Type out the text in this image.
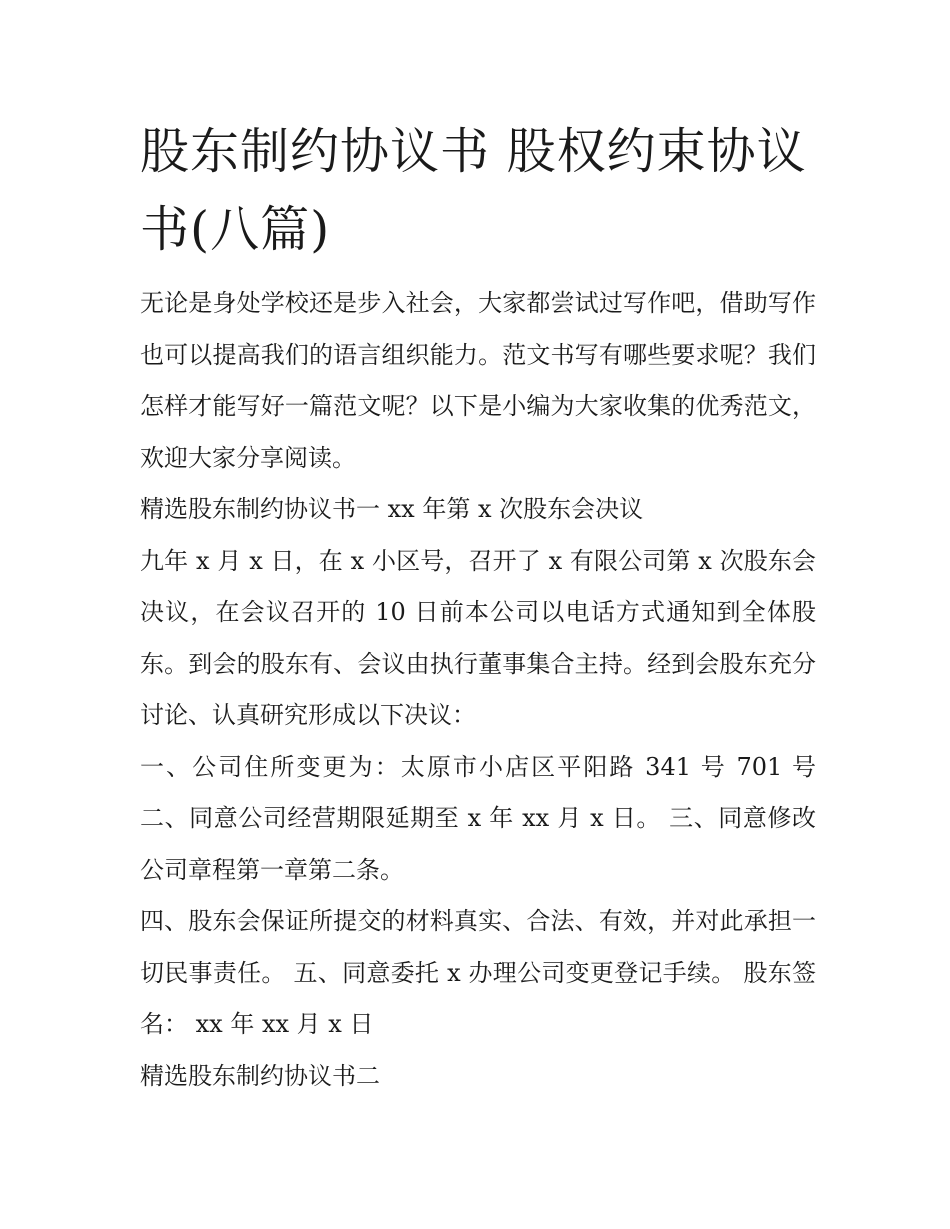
股东制约协议书 股权约束协议书(八篇)

无论是身处学校还是步入社会，大家都尝试过写作吧，借助写作也可以提高我们的语言组织能力。范文书写有哪些要求呢？我们怎样才能写好一篇范文呢？以下是小编为大家收集的优秀范文，欢迎大家分享阅读。

精选股东制约协议书一 xx 年第 x 次股东会决议

九年 x 月 x 日，在 x 小区号，召开了 x 有限公司第 x 次股东会决议，在会议召开的 10 日前本公司以电话方式通知到全体股东。到会的股东有、会议由执行董事集合主持。经到会股东充分讨论、认真研究形成以下决议：

一、公司住所变更为：太原市小店区平阳路 341 号 701 号 二、同意公司经营期限延期至 x 年 xx 月 x 日。 三、同意修改公司章程第一章第二条。

四、股东会保证所提交的材料真实、合法、有效，并对此承担一切民事责任。 五、同意委托 x 办理公司变更登记手续。 股东签名： xx 年 xx 月 x 日

精选股东制约协议书二
